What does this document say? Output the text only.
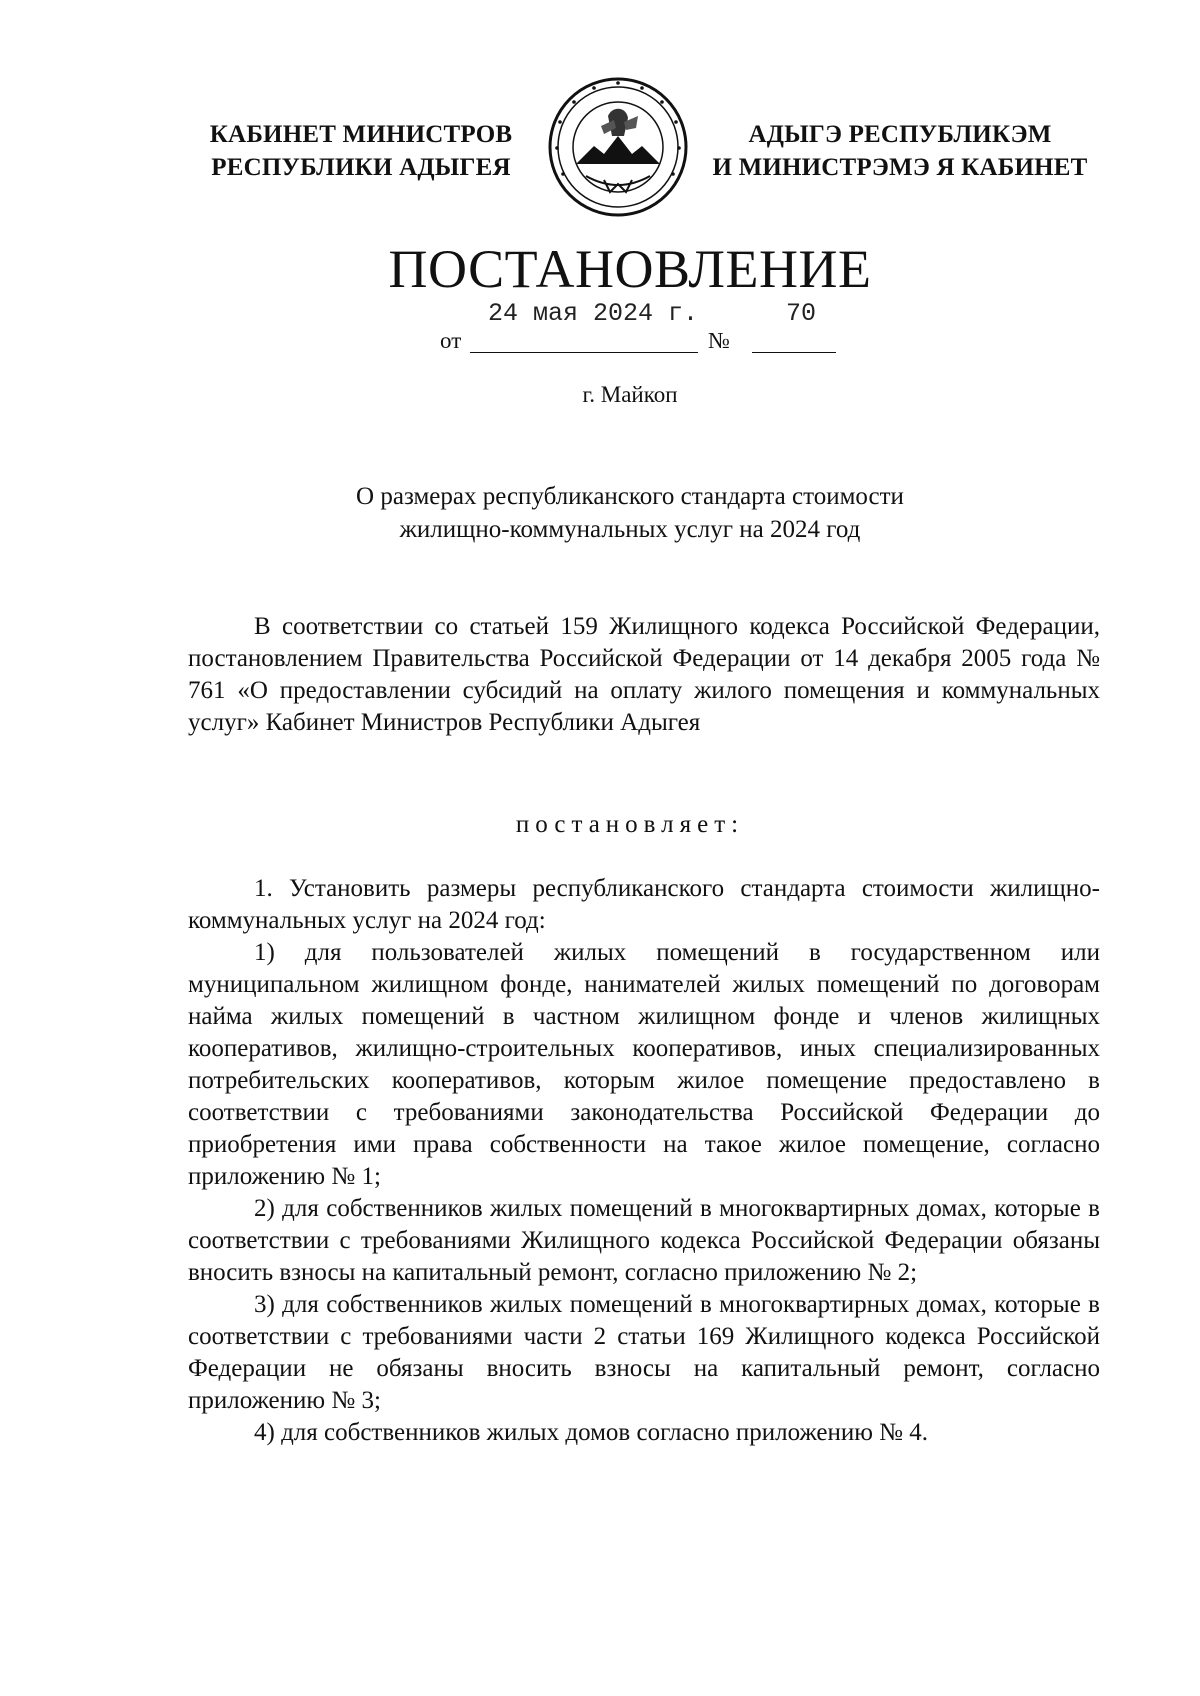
КАБИНЕТ МИНИСТРОВ
РЕСПУБЛИКИ АДЫГЕЯ
АДЫГЭ РЕСПУБЛИКЭМ
И МИНИСТРЭМЭ Я КАБИНЕТ
ПОСТАНОВЛЕНИЕ
24 мая 2024 г.	70
от	№
г. Майкоп
О размерах республиканского стандарта стоимости
жилищно-коммунальных услуг на 2024 год
В соответствии со статьей 159 Жилищного кодекса Российской Федерации, постановлением Правительства Российской Федерации от 14 декабря 2005 года № 761 «О предоставлении субсидий на оплату жилого помещения и коммунальных услуг» Кабинет Министров Республики Адыгея
постановляет:

1. Установить размеры республиканского стандарта стоимости жилищно-коммунальных услуг на 2024 год:

1) для пользователей жилых помещений в государственном или муниципальном жилищном фонде, нанимателей жилых помещений по договорам найма жилых помещений в частном жилищном фонде и членов жилищных кооперативов, жилищно-строительных кооперативов, иных специализированных потребительских кооперативов, которым жилое помещение предоставлено в соответствии с требованиями законодательства Российской Федерации до приобретения ими права собственности на такое жилое помещение, согласно приложению № 1;

2) для собственников жилых помещений в многоквартирных домах, которые в соответствии с требованиями Жилищного кодекса Российской Федерации обязаны вносить взносы на капитальный ремонт, согласно приложению № 2;

3) для собственников жилых помещений в многоквартирных домах, которые в соответствии с требованиями части 2 статьи 169 Жилищного кодекса Российской Федерации не обязаны вносить взносы на капитальный ремонт, согласно приложению № 3;

4) для собственников жилых домов согласно приложению № 4.
